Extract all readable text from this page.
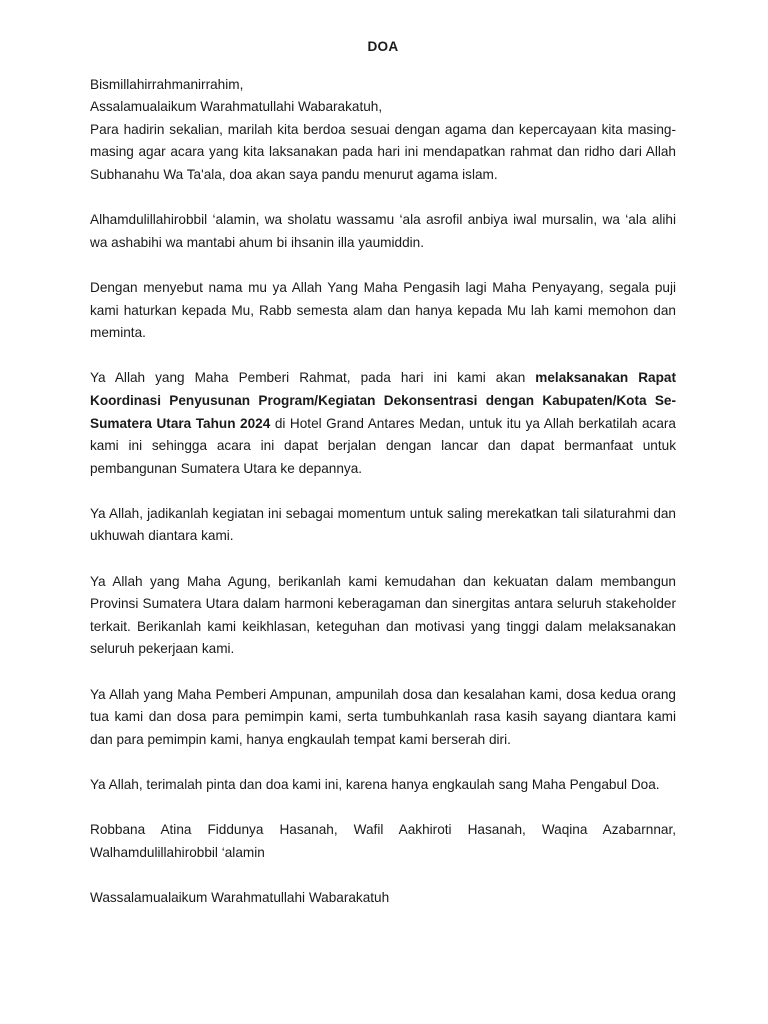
DOA

Bismillahirrahmanirrahim,
Assalamualaikum Warahmatullahi Wabarakatuh,
Para hadirin sekalian, marilah kita berdoa sesuai dengan agama dan kepercayaan kita masing-masing agar acara yang kita laksanakan pada hari ini mendapatkan rahmat dan ridho dari Allah Subhanahu Wa Ta'ala, doa akan saya pandu menurut agama islam.

Alhamdulillahirobbil ‘alamin, wa sholatu wassamu ‘ala asrofil anbiya iwal mursalin, wa ‘ala alihi wa ashabihi wa mantabi ahum bi ihsanin illa yaumiddin.

Dengan menyebut nama mu ya Allah Yang Maha Pengasih lagi Maha Penyayang, segala puji kami haturkan kepada Mu, Rabb semesta alam dan hanya kepada Mu lah kami memohon dan meminta.

Ya Allah yang Maha Pemberi Rahmat, pada hari ini kami akan melaksanakan Rapat Koordinasi Penyusunan Program/Kegiatan Dekonsentrasi dengan Kabupaten/Kota Se-Sumatera Utara Tahun 2024 di Hotel Grand Antares Medan, untuk itu ya Allah berkatilah acara kami ini sehingga acara ini dapat berjalan dengan lancar dan dapat bermanfaat untuk pembangunan Sumatera Utara ke depannya.

Ya Allah, jadikanlah kegiatan ini sebagai momentum untuk saling merekatkan tali silaturahmi dan ukhuwah diantara kami.

Ya Allah yang Maha Agung, berikanlah kami kemudahan dan kekuatan dalam membangun Provinsi Sumatera Utara dalam harmoni keberagaman dan sinergitas antara seluruh stakeholder terkait. Berikanlah kami keikhlasan, keteguhan dan motivasi yang tinggi dalam melaksanakan seluruh pekerjaan kami.

Ya Allah yang Maha Pemberi Ampunan, ampunilah dosa dan kesalahan kami, dosa kedua orang tua kami dan dosa para pemimpin kami, serta tumbuhkanlah rasa kasih sayang diantara kami dan para pemimpin kami, hanya engkaulah tempat kami berserah diri.

Ya Allah, terimalah pinta dan doa kami ini, karena hanya engkaulah sang Maha Pengabul Doa.

Robbana Atina Fiddunya Hasanah, Wafil Aakhiroti Hasanah, Waqina Azabarnnar, Walhamdulillahirobbil ‘alamin

Wassalamualaikum Warahmatullahi Wabarakatuh
